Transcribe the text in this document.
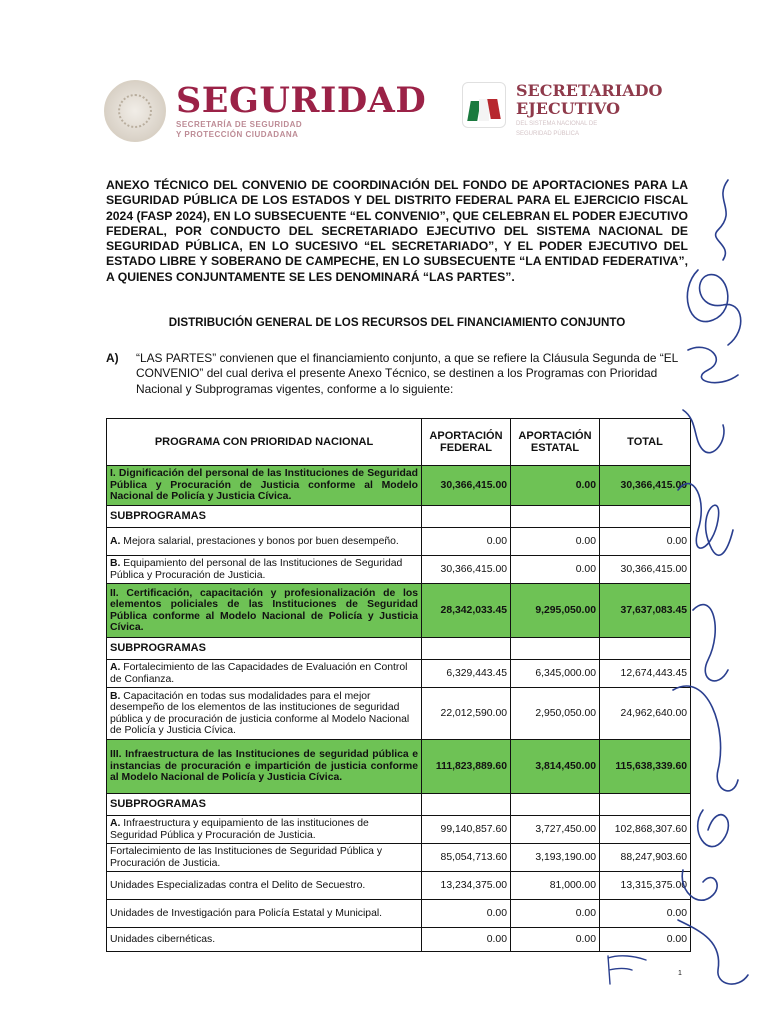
SEGURIDAD
SECRETARÍA DE SEGURIDAD
Y PROTECCIÓN CIUDADANA
SECRETARIADO
EJECUTIVO
DEL SISTEMA NACIONAL DE
SEGURIDAD PÚBLICA
ANEXO TÉCNICO DEL CONVENIO DE COORDINACIÓN DEL FONDO DE APORTACIONES PARA LA SEGURIDAD PÚBLICA DE LOS ESTADOS Y DEL DISTRITO FEDERAL PARA EL EJERCICIO FISCAL 2024 (FASP 2024), EN LO SUBSECUENTE “EL CONVENIO”, QUE CELEBRAN EL PODER EJECUTIVO FEDERAL, POR CONDUCTO DEL SECRETARIADO EJECUTIVO DEL SISTEMA NACIONAL DE SEGURIDAD PÚBLICA, EN LO SUCESIVO “EL SECRETARIADO”, Y EL PODER EJECUTIVO DEL ESTADO LIBRE Y SOBERANO DE CAMPECHE, EN LO SUBSECUENTE “LA ENTIDAD FEDERATIVA”, A QUIENES CONJUNTAMENTE SE LES DENOMINARÁ “LAS PARTES”.
DISTRIBUCIÓN GENERAL DE LOS RECURSOS DEL FINANCIAMIENTO CONJUNTO
A)	“LAS PARTES” convienen que el financiamiento conjunto, a que se refiere la Cláusula Segunda de “EL CONVENIO” del cual deriva el presente Anexo Técnico, se destinen a los Programas con Prioridad Nacional y Subprogramas vigentes, conforme a lo siguiente:
PROGRAMA CON PRIORIDAD NACIONAL	APORTACIÓN FEDERAL	APORTACIÓN ESTATAL	TOTAL
I. Dignificación del personal de las Instituciones de Seguridad Pública y Procuración de Justicia conforme al Modelo Nacional de Policía y Justicia Cívica.	30,366,415.00	0.00	30,366,415.00
SUBPROGRAMAS			
A. Mejora salarial, prestaciones y bonos por buen desempeño.	0.00	0.00	0.00
B. Equipamiento del personal de las Instituciones de Seguridad Pública y Procuración de Justicia.	30,366,415.00	0.00	30,366,415.00
II. Certificación, capacitación y profesionalización de los elementos policiales de las Instituciones de Seguridad Pública conforme al Modelo Nacional de Policía y Justicia Cívica.	28,342,033.45	9,295,050.00	37,637,083.45
SUBPROGRAMAS			
A. Fortalecimiento de las Capacidades de Evaluación en Control de Confianza.	6,329,443.45	6,345,000.00	12,674,443.45
B. Capacitación en todas sus modalidades para el mejor desempeño de los elementos de las instituciones de seguridad pública y de procuración de justicia conforme al Modelo Nacional de Policía y Justicia Cívica.	22,012,590.00	2,950,050.00	24,962,640.00
III. Infraestructura de las Instituciones de seguridad pública e instancias de procuración e impartición de justicia conforme al Modelo Nacional de Policía y Justicia Cívica.	111,823,889.60	3,814,450.00	115,638,339.60
SUBPROGRAMAS			
A. Infraestructura y equipamiento de las instituciones de Seguridad Pública y Procuración de Justicia.	99,140,857.60	3,727,450.00	102,868,307.60
Fortalecimiento de las Instituciones de Seguridad Pública y Procuración de Justicia.	85,054,713.60	3,193,190.00	88,247,903.60
Unidades Especializadas contra el Delito de Secuestro.	13,234,375.00	81,000.00	13,315,375.00
Unidades de Investigación para Policía Estatal y Municipal.	0.00	0.00	0.00
Unidades cibernéticas.	0.00	0.00	0.00
1
